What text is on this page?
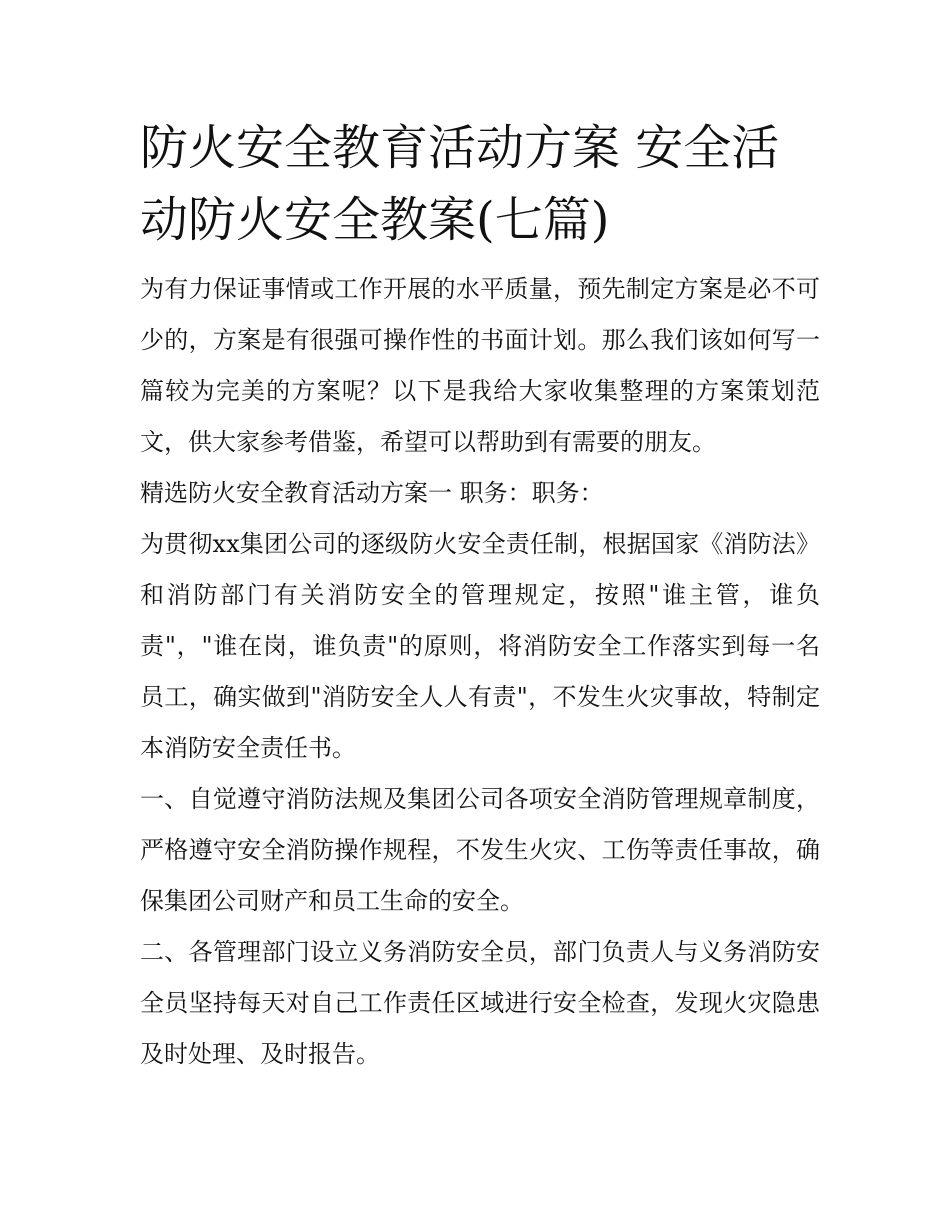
防火安全教育活动方案 安全活动防火安全教案(七篇)

为有力保证事情或工作开展的水平质量，预先制定方案是必不可少的，方案是有很强可操作性的书面计划。那么我们该如何写一篇较为完美的方案呢？以下是我给大家收集整理的方案策划范文，供大家参考借鉴，希望可以帮助到有需要的朋友。

精选防火安全教育活动方案一 职务：职务：

为贯彻xx集团公司的逐级防火安全责任制，根据国家《消防法》和消防部门有关消防安全的管理规定，按照"谁主管，谁负责"，"谁在岗，谁负责"的原则，将消防安全工作落实到每一名员工，确实做到"消防安全人人有责"，不发生火灾事故，特制定本消防安全责任书。

一、自觉遵守消防法规及集团公司各项安全消防管理规章制度，严格遵守安全消防操作规程，不发生火灾、工伤等责任事故，确保集团公司财产和员工生命的安全。

二、各管理部门设立义务消防安全员，部门负责人与义务消防安全员坚持每天对自己工作责任区域进行安全检查，发现火灾隐患及时处理、及时报告。
